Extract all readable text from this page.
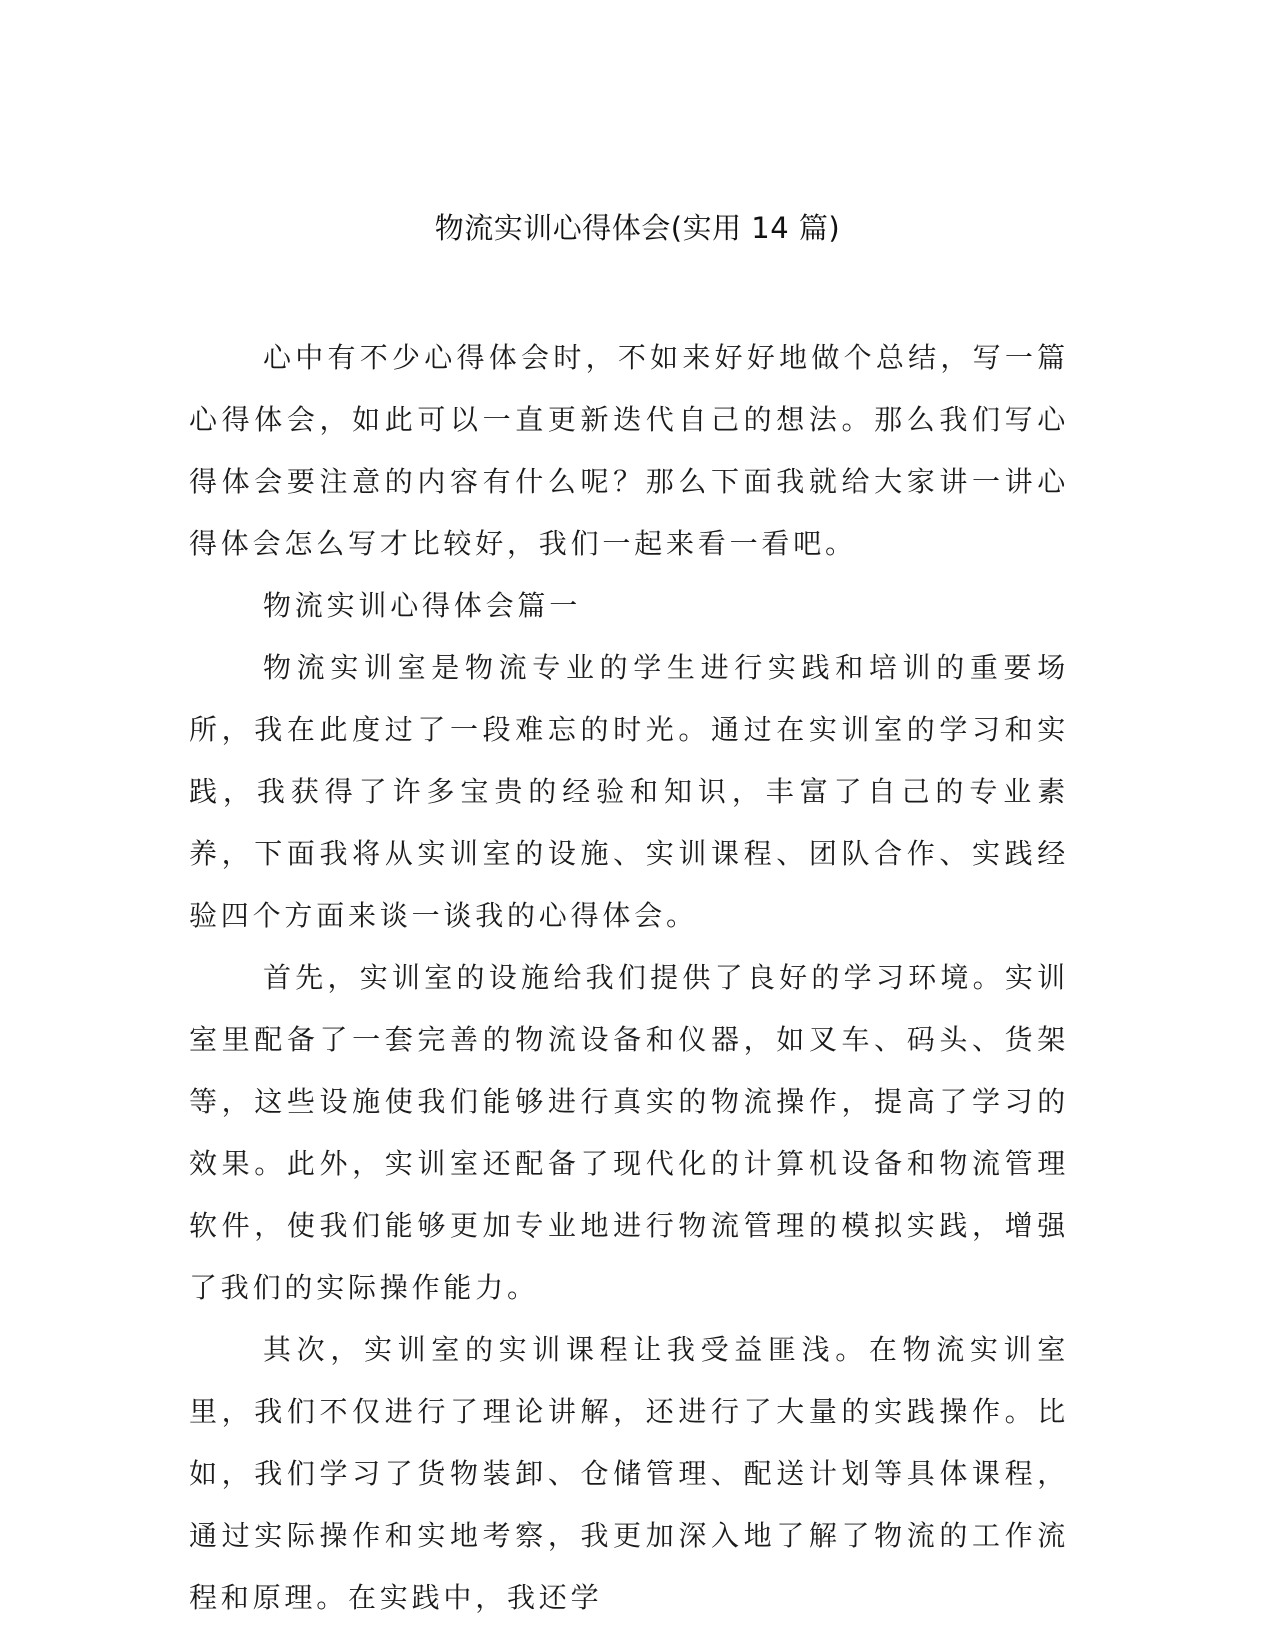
物流实训心得体会(实用 14 篇)

心中有不少心得体会时，不如来好好地做个总结，写一篇心得体会，如此可以一直更新迭代自己的想法。那么我们写心得体会要注意的内容有什么呢？那么下面我就给大家讲一讲心得体会怎么写才比较好，我们一起来看一看吧。

物流实训心得体会篇一

物流实训室是物流专业的学生进行实践和培训的重要场所，我在此度过了一段难忘的时光。通过在实训室的学习和实践，我获得了许多宝贵的经验和知识，丰富了自己的专业素养，下面我将从实训室的设施、实训课程、团队合作、实践经验四个方面来谈一谈我的心得体会。

首先，实训室的设施给我们提供了良好的学习环境。实训室里配备了一套完善的物流设备和仪器，如叉车、码头、货架等，这些设施使我们能够进行真实的物流操作，提高了学习的效果。此外，实训室还配备了现代化的计算机设备和物流管理软件，使我们能够更加专业地进行物流管理的模拟实践，增强了我们的实际操作能力。

其次，实训室的实训课程让我受益匪浅。在物流实训室里，我们不仅进行了理论讲解，还进行了大量的实践操作。比如，我们学习了货物装卸、仓储管理、配送计划等具体课程，通过实际操作和实地考察，我更加深入地了解了物流的工作流程和原理。在实践中，我还学
